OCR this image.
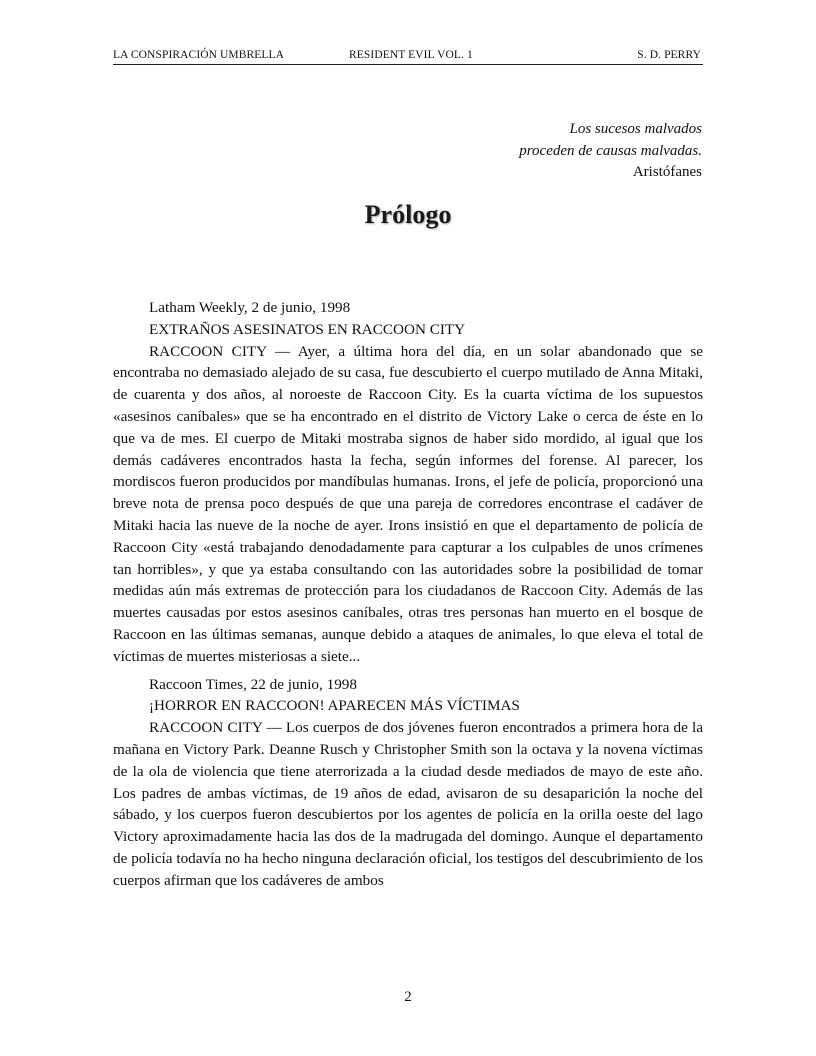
LA CONSPIRACIÓN UMBRELLA	RESIDENT EVIL VOL. 1	S. D. PERRY
Los sucesos malvados
proceden de causas malvadas.
Aristófanes
Prólogo

Latham Weekly, 2 de junio, 1998

EXTRAÑOS ASESINATOS EN RACCOON CITY

RACCOON CITY — Ayer, a última hora del día, en un solar abandonado que se encontraba no demasiado alejado de su casa, fue descubierto el cuerpo mutilado de Anna Mitaki, de cuarenta y dos años, al noroeste de Raccoon City. Es la cuarta víctima de los supuestos «asesinos caníbales» que se ha encontrado en el distrito de Victory Lake o cerca de éste en lo que va de mes. El cuerpo de Mitaki mostraba signos de haber sido mordido, al igual que los demás cadáveres encontrados hasta la fecha, según informes del forense. Al parecer, los mordiscos fueron producidos por mandíbulas humanas. Irons, el jefe de policía, proporcionó una breve nota de prensa poco después de que una pareja de corredores encontrase el cadáver de Mitaki hacia las nueve de la noche de ayer. Irons insistió en que el departamento de policía de Raccoon City «está trabajando denodadamente para capturar a los culpables de unos crímenes tan horribles», y que ya estaba consultando con las autoridades sobre la posibilidad de tomar medidas aún más extremas de protección para los ciudadanos de Raccoon City. Además de las muertes causadas por estos asesinos caníbales, otras tres personas han muerto en el bosque de Raccoon en las últimas semanas, aunque debido a ataques de animales, lo que eleva el total de víctimas de muertes misteriosas a siete...

Raccoon Times, 22 de junio, 1998

¡HORROR EN RACCOON! APARECEN MÁS VÍCTIMAS

RACCOON CITY — Los cuerpos de dos jóvenes fueron encontrados a primera hora de la mañana en Victory Park. Deanne Rusch y Christopher Smith son la octava y la novena víctimas de la ola de violencia que tiene aterrorizada a la ciudad desde mediados de mayo de este año. Los padres de ambas víctimas, de 19 años de edad, avisaron de su desaparición la noche del sábado, y los cuerpos fueron descubiertos por los agentes de policía en la orilla oeste del lago Victory aproximadamente hacia las dos de la madrugada del domingo. Aunque el departamento de policía todavía no ha hecho ninguna declaración oficial, los testigos del descubrimiento de los cuerpos afirman que los cadáveres de ambos

2
